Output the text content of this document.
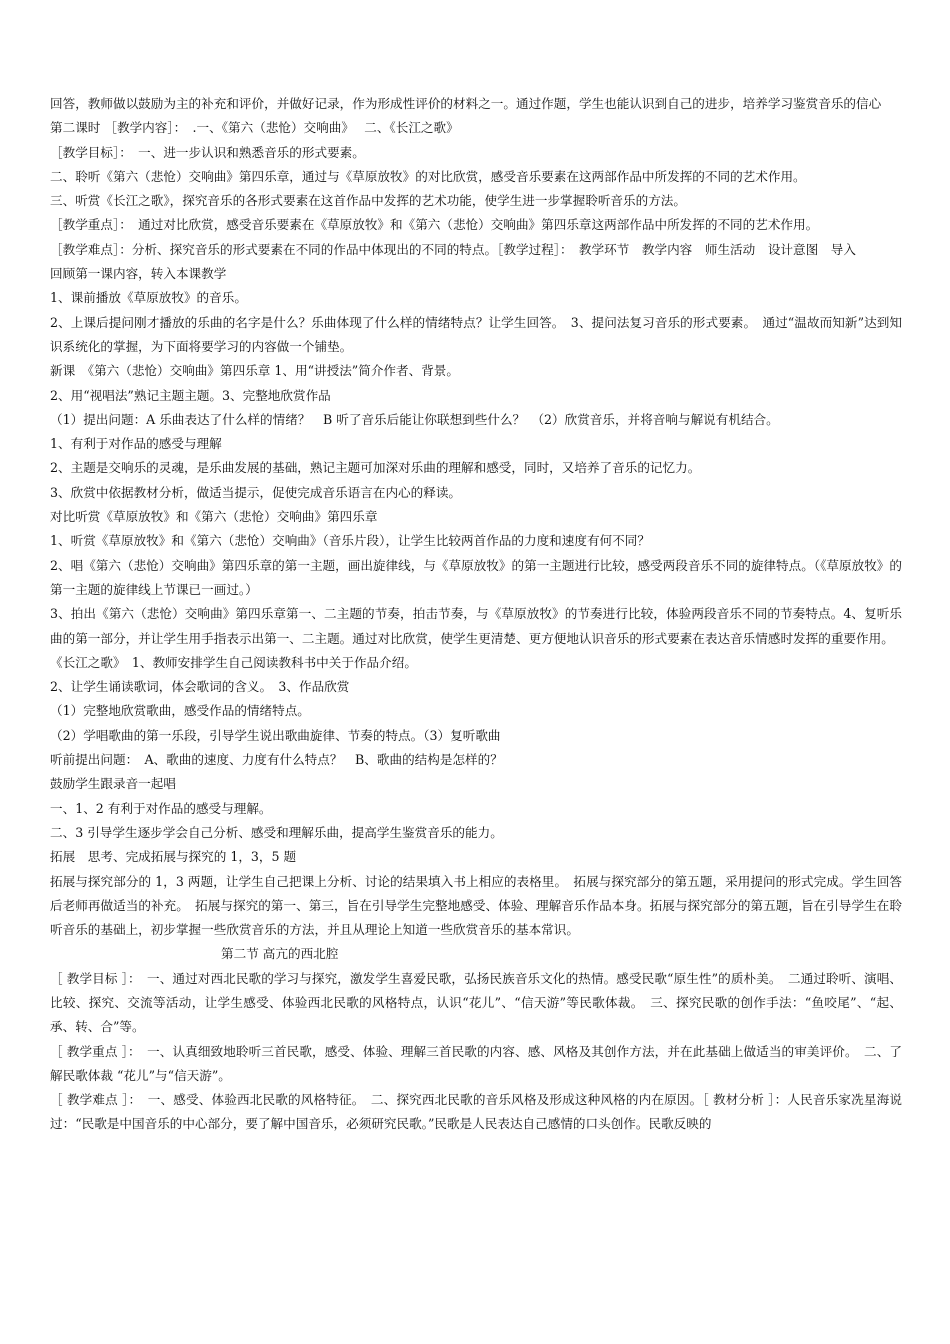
回答，教师做以鼓励为主的补充和评价，并做好记录，作为形成性评价的材料之一。通过作题，学生也能认识到自己的进步，培养学习鉴赏音乐的信心

第二课时 ［教学内容］：　.一、《第六（悲怆）交响曲》　 二、《长江之歌》

［教学目标］：　一、进一步认识和熟悉音乐的形式要素。

二、聆听《第六（悲怆）交响曲》第四乐章，通过与《草原放牧》的对比欣赏，感受音乐要素在这两部作品中所发挥的不同的艺术作用。

三、听赏《长江之歌》，探究音乐的各形式要素在这首作品中发挥的艺术功能，使学生进一步掌握聆听音乐的方法。

［教学重点］：　通过对比欣赏，感受音乐要素在《草原放牧》和《第六（悲怆）交响曲》第四乐章这两部作品中所发挥的不同的艺术作用。

［教学难点］：分析、探究音乐的形式要素在不同的作品中体现出的不同的特点。［教学过程］：　教学环节　教学内容　师生活动　设计意图　导入

回顾第一课内容，转入本课教学

1、课前播放《草原放牧》的音乐。

2、上课后提问刚才播放的乐曲的名字是什么？乐曲体现了什么样的情绪特点？让学生回答。　3、提问法复习音乐的形式要素。　通过“温故而知新”达到知识系统化的掌握，为下面将要学习的内容做一个铺垫。

新课　《第六（悲怆）交响曲》第四乐章 1、用“讲授法”简介作者、背景。

2、用“视唱法”熟记主题主题。3、完整地欣赏作品

（1）提出问题：A 乐曲表达了什么样的情绪？　B 听了音乐后能让你联想到些什么？　（2）欣赏音乐，并将音响与解说有机结合。

1、有利于对作品的感受与理解

2、主题是交响乐的灵魂，是乐曲发展的基础，熟记主题可加深对乐曲的理解和感受，同时，又培养了音乐的记忆力。

3、欣赏中依据教材分析，做适当提示，促使完成音乐语言在内心的释读。

对比听赏《草原放牧》和《第六（悲怆）交响曲》第四乐章

1、听赏《草原放牧》和《第六（悲怆）交响曲》（音乐片段），让学生比较两首作品的力度和速度有何不同？

2、唱《第六（悲怆）交响曲》第四乐章的第一主题，画出旋律线，与《草原放牧》的第一主题进行比较，感受两段音乐不同的旋律特点。（《草原放牧》的第一主题的旋律线上节课已一画过。）

3、拍出《第六（悲怆）交响曲》第四乐章第一、二主题的节奏，拍击节奏，与《草原放牧》的节奏进行比较，体验两段音乐不同的节奏特点。4、复听乐曲的第一部分，并让学生用手指表示出第一、二主题。通过对比欣赏，使学生更清楚、更方便地认识音乐的形式要素在表达音乐情感时发挥的重要作用。

《长江之歌》　1、教师安排学生自己阅读教科书中关于作品介绍。

2、让学生诵读歌词，体会歌词的含义。　3、作品欣赏

（1）完整地欣赏歌曲，感受作品的情绪特点。

（2）学唱歌曲的第一乐段，引导学生说出歌曲旋律、节奏的特点。（3）复听歌曲

听前提出问题：　A、歌曲的速度、力度有什么特点？　B、歌曲的结构是怎样的？

鼓励学生跟录音一起唱

一、1、2 有利于对作品的感受与理解。

二、3 引导学生逐步学会自己分析、感受和理解乐曲，提高学生鉴赏音乐的能力。

拓展　思考、完成拓展与探究的 1，3，5 题

拓展与探究部分的 1，3 两题，让学生自己把课上分析、讨论的结果填入书上相应的表格里。　拓展与探究部分的第五题，采用提问的形式完成。学生回答后老师再做适当的补充。　拓展与探究的第一、第三，旨在引导学生完整地感受、体验、理解音乐作品本身。拓展与探究部分的第五题，旨在引导学生在聆听音乐的基础上，初步掌握一些欣赏音乐的方法，并且从理论上知道一些欣赏音乐的基本常识。

第二节 高亢的西北腔

［ 教学目标 ］：　一、通过对西北民歌的学习与探究，激发学生喜爱民歌，弘扬民族音乐文化的热情。感受民歌“原生性”的质朴美。　二通过聆听、演唱、比较、探究、交流等活动，让学生感受、体验西北民歌的风格特点，认识“花儿”、“信天游”等民歌体裁。　三、探究民歌的创作手法：“鱼咬尾”、“起、承、转、合”等。

［ 教学重点 ］：　一、认真细致地聆听三首民歌，感受、体验、理解三首民歌的内容、感、风格及其创作方法，并在此基础上做适当的审美评价。　二、了解民歌体裁 “花儿”与“信天游”。

［ 教学难点 ］：　一、感受、体验西北民歌的风格特征。　二、探究西北民歌的音乐风格及形成这种风格的内在原因。［ 教材分析 ］：人民音乐家冼星海说过：“民歌是中国音乐的中心部分，要了解中国音乐，必须研究民歌。”民歌是人民表达自己感情的口头创作。民歌反映的
